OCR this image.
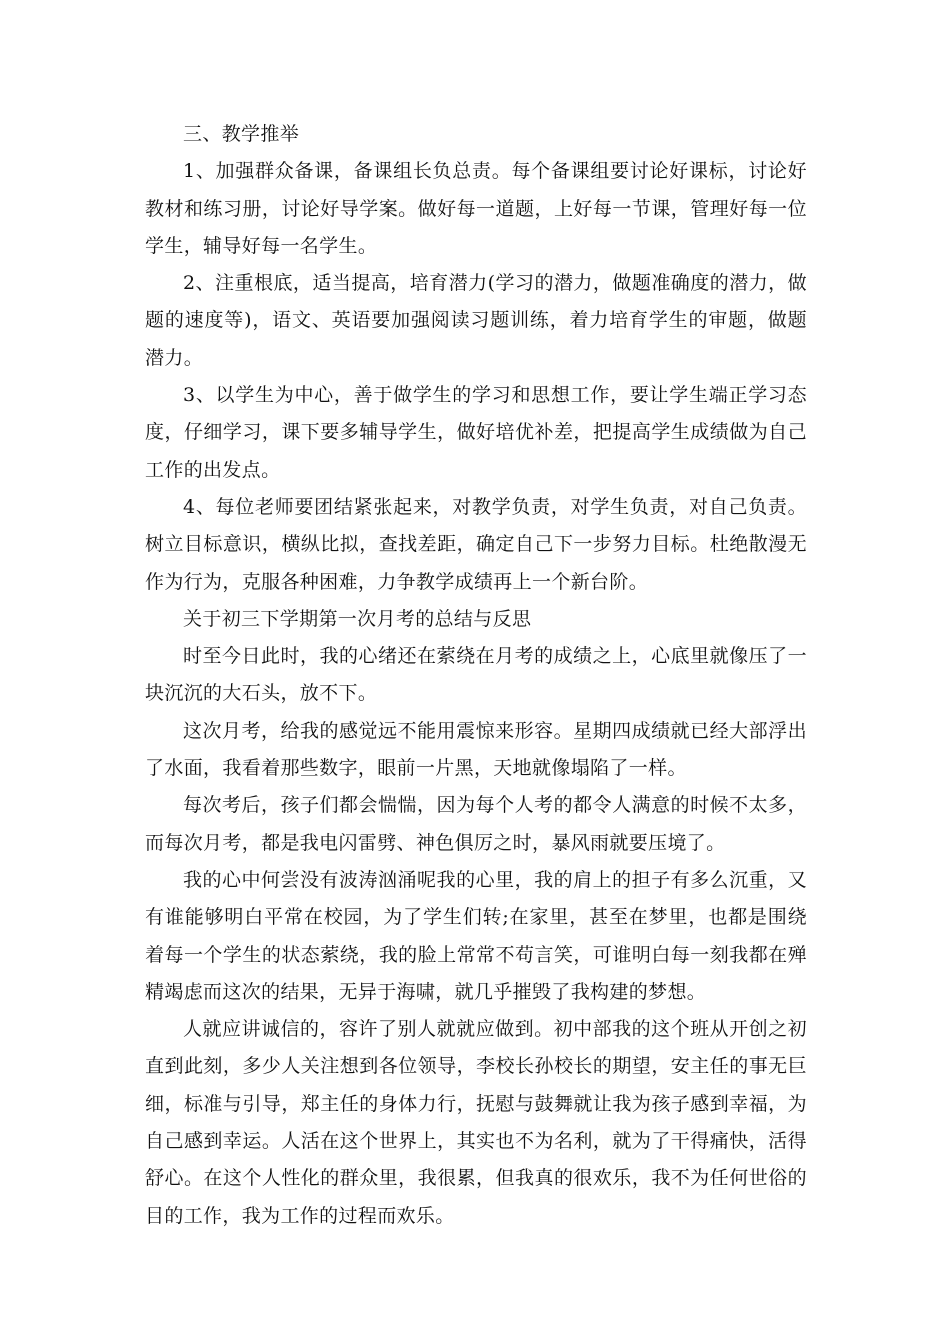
三、教学推举

1、加强群众备课，备课组长负总责。每个备课组要讨论好课标，讨论好教材和练习册，讨论好导学案。做好每一道题，上好每一节课，管理好每一位学生，辅导好每一名学生。

2、注重根底，适当提高，培育潜力(学习的潜力，做题准确度的潜力，做题的速度等)，语文、英语要加强阅读习题训练，着力培育学生的审题，做题潜力。

3、以学生为中心，善于做学生的学习和思想工作，要让学生端正学习态度，仔细学习，课下要多辅导学生，做好培优补差，把提高学生成绩做为自己工作的出发点。

4、每位老师要团结紧张起来，对教学负责，对学生负责，对自己负责。树立目标意识，横纵比拟，查找差距，确定自己下一步努力目标。杜绝散漫无作为行为，克服各种困难，力争教学成绩再上一个新台阶。

关于初三下学期第一次月考的总结与反思

时至今日此时，我的心绪还在萦绕在月考的成绩之上，心底里就像压了一块沉沉的大石头，放不下。

这次月考，给我的感觉远不能用震惊来形容。星期四成绩就已经大部浮出了水面，我看着那些数字，眼前一片黑，天地就像塌陷了一样。

每次考后，孩子们都会惴惴，因为每个人考的都令人满意的时候不太多，而每次月考，都是我电闪雷劈、神色俱厉之时，暴风雨就要压境了。

我的心中何尝没有波涛汹涌呢我的心里，我的肩上的担子有多么沉重，又有谁能够明白平常在校园，为了学生们转;在家里，甚至在梦里，也都是围绕着每一个学生的状态萦绕，我的脸上常常不苟言笑，可谁明白每一刻我都在殚精竭虑而这次的结果，无异于海啸，就几乎摧毁了我构建的梦想。

人就应讲诚信的，容许了别人就就应做到。初中部我的这个班从开创之初直到此刻，多少人关注想到各位领导，李校长孙校长的期望，安主任的事无巨细，标准与引导，郑主任的身体力行，抚慰与鼓舞就让我为孩子感到幸福，为自己感到幸运。人活在这个世界上，其实也不为名利，就为了干得痛快，活得舒心。在这个人性化的群众里，我很累，但我真的很欢乐，我不为任何世俗的目的工作，我为工作的过程而欢乐。
